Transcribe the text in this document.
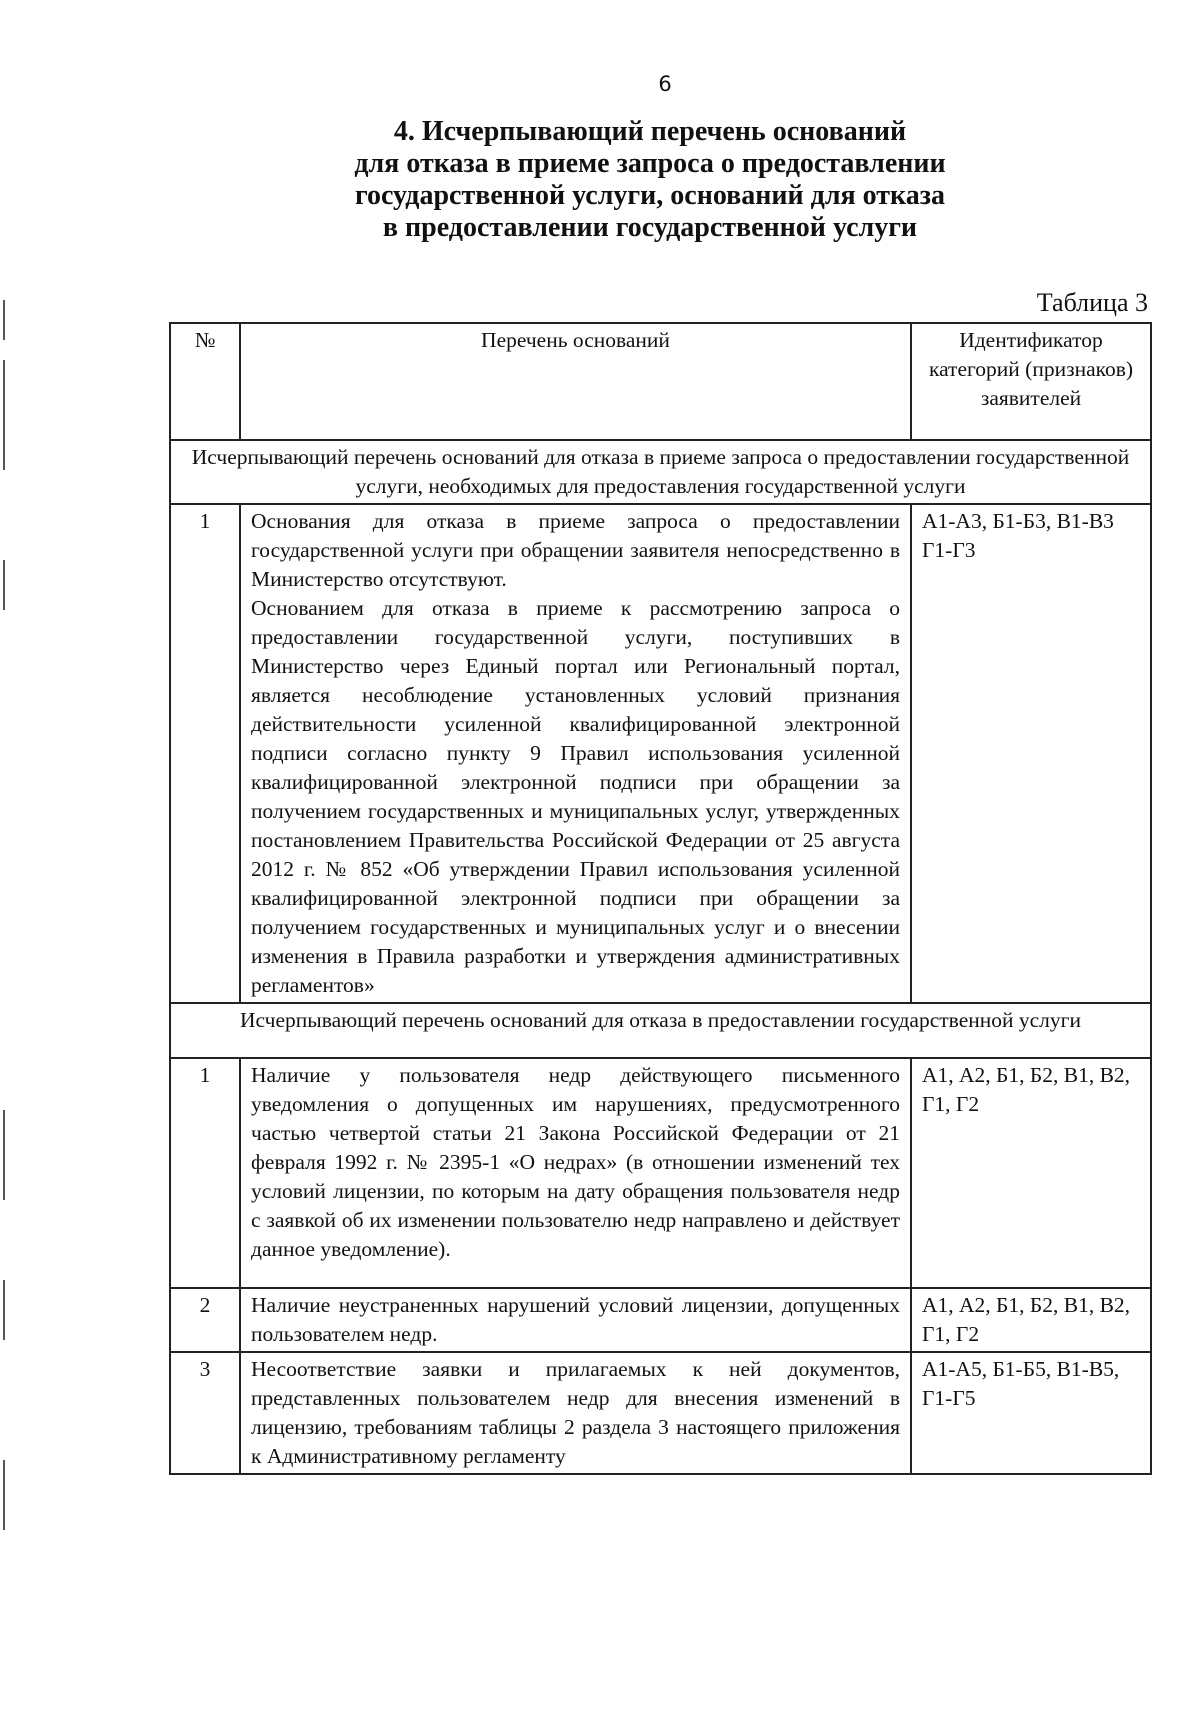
6
4. Исчерпывающий перечень оснований
для отказа в приеме запроса о предоставлении
государственной услуги, оснований для отказа
в предоставлении государственной услуги
Таблица 3
№	Перечень оснований	Идентификатор категорий (признаков) заявителей
Исчерпывающий перечень оснований для отказа в приеме запроса о предоставлении государственной услуги, необходимых для предоставления государственной услуги		
1	Основания для отказа в приеме запроса о предоставлении государственной услуги при обращении заявителя непосредственно в Министерство отсутствуют.
Основанием для отказа в приеме к рассмотрению запроса о предоставлении государственной услуги, поступивших в Министерство через Единый портал или Региональный портал, является несоблюдение установленных условий признания действительности усиленной квалифицированной электронной подписи согласно пункту 9 Правил использования усиленной квалифицированной электронной подписи при обращении за получением государственных и муниципальных услуг, утвержденных постановлением Правительства Российской Федерации от 25 августа 2012 г. № 852 «Об утверждении Правил использования усиленной квалифицированной электронной подписи при обращении за получением государственных и муниципальных услуг и о внесении изменения в Правила разработки и утверждения административных регламентов»	А1-А3, Б1-Б3, В1-В3 Г1-Г3
Исчерпывающий перечень оснований для отказа в предоставлении государственной услуги		
1	Наличие у пользователя недр действующего письменного уведомления о допущенных им нарушениях, предусмотренного частью четвертой статьи 21 Закона Российской Федерации от 21 февраля 1992 г. № 2395-1 «О недрах» (в отношении изменений тех условий лицензии, по которым на дату обращения пользователя недр с заявкой об их изменении пользователю недр направлено и действует данное уведомление).	А1, А2, Б1, Б2, В1, В2, Г1, Г2
2	Наличие неустраненных нарушений условий лицензии, допущенных пользователем недр.	А1, А2, Б1, Б2, В1, В2, Г1, Г2
3	Несоответствие заявки и прилагаемых к ней документов, представленных пользователем недр для внесения изменений в лицензию, требованиям таблицы 2 раздела 3 настоящего приложения к Административному регламенту	А1-А5, Б1-Б5, В1-В5, Г1-Г5
